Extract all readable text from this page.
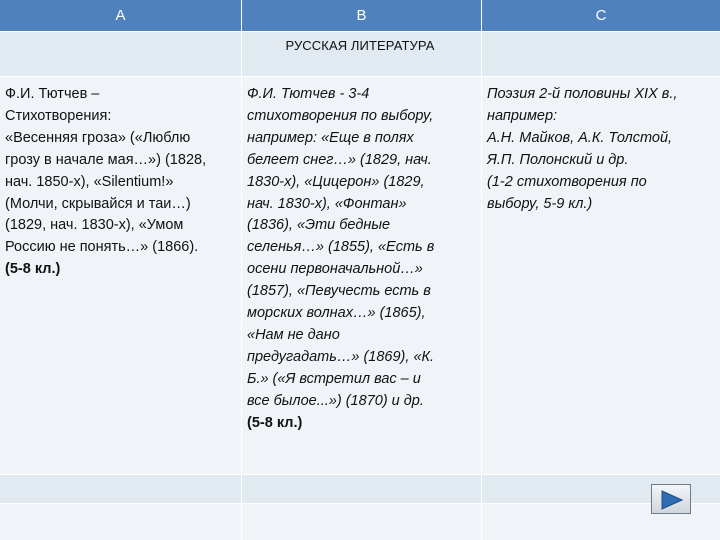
A	B	C
РУССКАЯ ЛИТЕРАТУРА
Ф.И. Тютчев –
Стихотворения:
«Весенняя гроза» («Люблю
грозу в начале мая…») (1828,
нач. 1850-х), «Silentium!»
(Молчи, скрывайся и таи…)
(1829, нач. 1830-х), «Умом
Россию не понять…» (1866).
(5-8 кл.)
Ф.И. Тютчев - 3-4
стихотворения по выбору,
например: «Еще в полях
белеет снег…» (1829, нач.
1830-х), «Цицерон» (1829,
нач. 1830-х), «Фонтан»
(1836), «Эти бедные
селенья…» (1855), «Есть в
осени первоначальной…»
(1857), «Певучесть есть в
морских волнах…» (1865),
«Нам не дано
предугадать…» (1869), «К.
Б.» («Я встретил вас – и
все былое...») (1870) и др.
(5-8 кл.)
Поэзия 2-й половины XIX в.,
например:
А.Н. Майков, А.К. Толстой,
Я.П. Полонский и др.
(1-2 стихотворения по
выбору, 5-9 кл.)
